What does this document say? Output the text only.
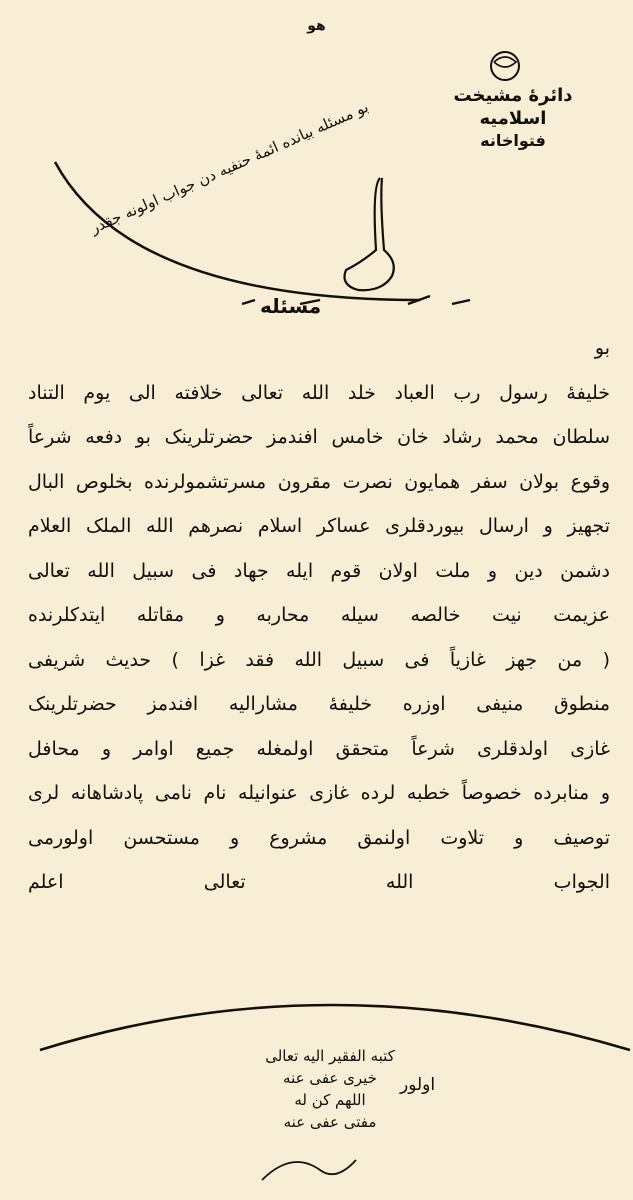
هو
دائرهٔ مشیخت اسلامیه
فتواخانه
بو مسئله بیانده ائمهٔ حنفیه دن جواب اولونه جقدر
مسئله
بو
خلیفهٔ رسول رب العباد خلد الله تعالی خلافته الی یوم التناد
سلطان محمد رشاد خان خامس افندمز حضرتلرینک بو دفعه شرعاً
وقوع بولان سفر همایون نصرت مقرون مسرتشمولرنده بخلوص البال
تجهیز و ارسال بیوردقلری عساکر اسلام نصرهم الله الملک العلام
دشمن دین و ملت اولان قوم ایله جهاد فی سبیل الله تعالی
عزیمت نیت خالصه سیله محاربه و مقاتله ایتدکلرنده
( من جهز غازیاً فی سبیل الله فقد غزا ) حدیث شریفی
منطوق منیفی اوزره خلیفهٔ مشارالیه افندمز حضرتلرینک
غازی اولدقلری شرعاً متحقق اولمغله جمیع اوامر و محافل
و منابرده خصوصاً خطبه لرده غازی عنوانیله نام نامی پادشاهانه لری
توصیف و تلاوت اولنمق مشروع و مستحسن اولورمی
الجواب الله تعالی اعلم
اولور
کتبه الفقیر الیه تعالی
خیری عفی عنه
اللهم کن له
مفتی عفی عنه
